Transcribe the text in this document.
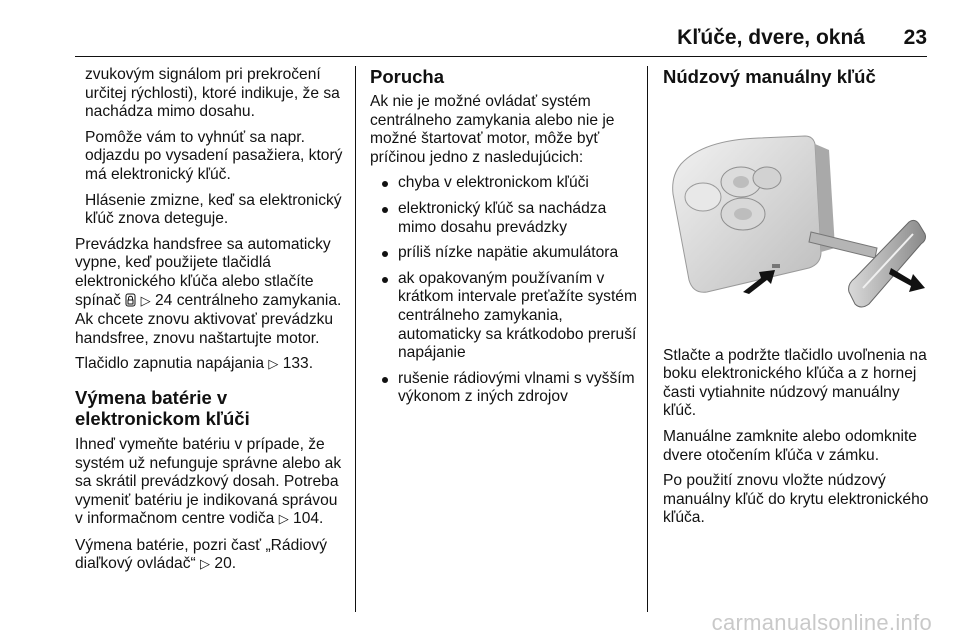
Kľúče, dvere, okná 23

zvukovým signálom pri prekročení určitej rýchlosti), ktoré indikuje, že sa nachádza mimo dosahu.

Pomôže vám to vyhnúť sa napr. odjazdu po vysadení pasažiera, ktorý má elektronický kľúč.

Hlásenie zmizne, keď sa elektronický kľúč znova deteguje.

Prevádzka handsfree sa automaticky vypne, keď použijete tlačidlá elektronického kľúča alebo stlačíte spínač ▷ 24 centrálneho zamykania. Ak chcete znovu aktivovať prevádzku handsfree, znovu naštartujte motor.

Tlačidlo zapnutia napájania ▷ 133.

Výmena batérie v elektronickom kľúči

Ihneď vymeňte batériu v prípade, že systém už nefunguje správne alebo ak sa skrátil prevádzkový dosah. Potreba vymeniť batériu je indikovaná správou v informačnom centre vodiča ▷ 104.

Výmena batérie, pozri časť „Rádiový diaľkový ovládač“ ▷ 20.

Porucha

Ak nie je možné ovládať systém centrálneho zamykania alebo nie je možné štartovať motor, môže byť príčinou jedno z nasledujúcich:

chyba v elektronickom kľúči
elektronický kľúč sa nachádza mimo dosahu prevádzky
príliš nízke napätie akumulátora
ak opakovaným používaním v krátkom intervale preťažíte systém centrálneho zamykania, automaticky sa krátkodobo preruší napájanie
rušenie rádiovými vlnami s vyšším výkonom z iných zdrojov
Núdzový manuálny kľúč

Stlačte a podržte tlačidlo uvoľnenia na boku elektronického kľúča a z hornej časti vytiahnite núdzový manuálny kľúč.

Manuálne zamknite alebo odomknite dvere otočením kľúča v zámku.

Po použití znovu vložte núdzový manuálny kľúč do krytu elektronického kľúča.

carmanualsonline.info
